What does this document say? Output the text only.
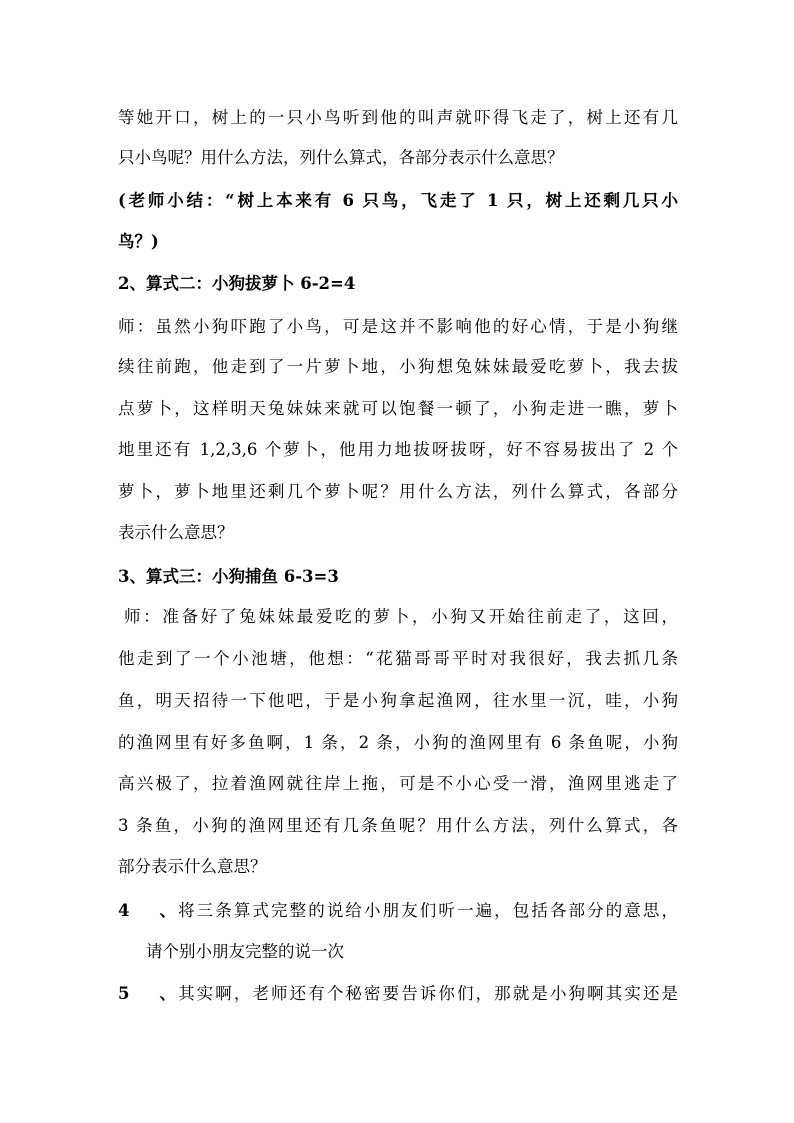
等她开口，树上的一只小鸟听到他的叫声就吓得飞走了，树上还有几
只小鸟呢？用什么方法，列什么算式，各部分表示什么意思？
(老师小结：“树上本来有 6 只鸟，飞走了 1 只，树上还剩几只小
鸟？)
2、算式二：小狗拔萝卜 6-2=4
师：虽然小狗吓跑了小鸟，可是这并不影响他的好心情，于是小狗继
续往前跑，他走到了一片萝卜地，小狗想兔妹妹最爱吃萝卜，我去拔
点萝卜，这样明天兔妹妹来就可以饱餐一顿了，小狗走进一瞧，萝卜
地里还有 1,2,3,6 个萝卜，他用力地拔呀拔呀，好不容易拔出了 2 个
萝卜，萝卜地里还剩几个萝卜呢？用什么方法，列什么算式，各部分
表示什么意思？
3、算式三：小狗捕鱼 6-3=3
师：准备好了兔妹妹最爱吃的萝卜，小狗又开始往前走了，这回，
他走到了一个小池塘，他想：“花猫哥哥平时对我很好，我去抓几条
鱼，明天招待一下他吧，于是小狗拿起渔网，往水里一沉，哇，小狗
的渔网里有好多鱼啊，1 条，2 条，小狗的渔网里有 6 条鱼呢，小狗
高兴极了，拉着渔网就往岸上拖，可是不小心受一滑，渔网里逃走了
3 条鱼，小狗的渔网里还有几条鱼呢？用什么方法，列什么算式，各
部分表示什么意思？
4、将三条算式完整的说给小朋友们听一遍，包括各部分的意思，
请个别小朋友完整的说一次
5、其实啊，老师还有个秘密要告诉你们，那就是小狗啊其实还是
